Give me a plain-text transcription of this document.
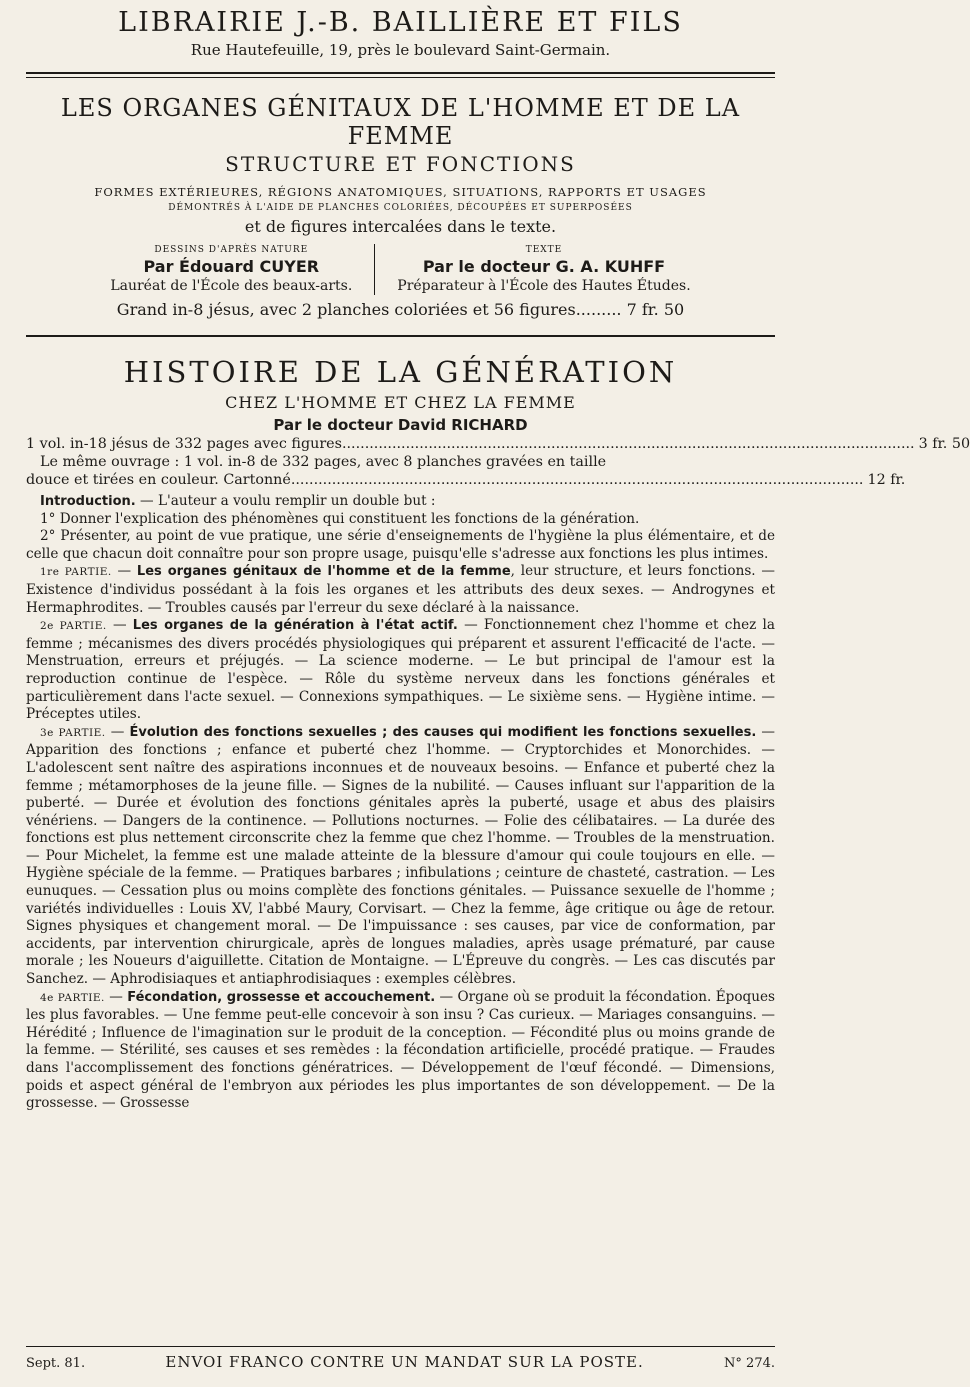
LIBRAIRIE J.-B. BAILLIÈRE ET FILS
Rue Hautefeuille, 19, près le boulevard Saint-Germain.
LES ORGANES GÉNITAUX DE L'HOMME ET DE LA FEMME
STRUCTURE ET FONCTIONS
FORMES EXTÉRIEURES, RÉGIONS ANATOMIQUES, SITUATIONS, RAPPORTS ET USAGES
DÉMONTRÉS À L'AIDE DE PLANCHES COLORIÉES, DÉCOUPÉES ET SUPERPOSÉES
et de figures intercalées dans le texte.
DESSINS D'APRÈS NATURE
Par Édouard CUYER
Lauréat de l'École des beaux-arts.
TEXTE
Par le docteur G. A. KUHFF
Préparateur à l'École des Hautes Études.
Grand in-8 jésus, avec 2 planches coloriées et 56 figures......... 7 fr. 50
HISTOIRE DE LA GÉNÉRATION
CHEZ L'HOMME ET CHEZ LA FEMME
Par le docteur David RICHARD
1 vol. in-18 jésus de 332 pages avec figures .............................................................................................................................. 3 fr. 50
Le même ouvrage : 1 vol. in-8 de 332 pages, avec 8 planches gravées en taille
douce et tirées en couleur. Cartonné .............................................................................................................................. 12 fr.

Introduction. — L'auteur a voulu remplir un double but :

1° Donner l'explication des phénomènes qui constituent les fonctions de la génération.

2° Présenter, au point de vue pratique, une série d'enseignements de l'hygiène la plus élémentaire, et de celle que chacun doit connaître pour son propre usage, puisqu'elle s'adresse aux fonctions les plus intimes.

1re PARTIE. — Les organes génitaux de l'homme et de la femme, leur structure, et leurs fonctions. — Existence d'individus possédant à la fois les organes et les attributs des deux sexes. — Androgynes et Hermaphrodites. — Troubles causés par l'erreur du sexe déclaré à la naissance.

2e PARTIE. — Les organes de la génération à l'état actif. — Fonctionnement chez l'homme et chez la femme ; mécanismes des divers procédés physiologiques qui préparent et assurent l'efficacité de l'acte. — Menstruation, erreurs et préjugés. — La science moderne. — Le but principal de l'amour est la reproduction continue de l'espèce. — Rôle du système nerveux dans les fonctions générales et particulièrement dans l'acte sexuel. — Connexions sympathiques. — Le sixième sens. — Hygiène intime. — Préceptes utiles.

3e PARTIE. — Évolution des fonctions sexuelles ; des causes qui modifient les fonctions sexuelles. — Apparition des fonctions ; enfance et puberté chez l'homme. — Cryptorchides et Monorchides. — L'adolescent sent naître des aspirations inconnues et de nouveaux besoins. — Enfance et puberté chez la femme ; métamorphoses de la jeune fille. — Signes de la nubilité. — Causes influant sur l'apparition de la puberté. — Durée et évolution des fonctions génitales après la puberté, usage et abus des plaisirs vénériens. — Dangers de la continence. — Pollutions nocturnes. — Folie des célibataires. — La durée des fonctions est plus nettement circonscrite chez la femme que chez l'homme. — Troubles de la menstruation. — Pour Michelet, la femme est une malade atteinte de la blessure d'amour qui coule toujours en elle. — Hygiène spéciale de la femme. — Pratiques barbares ; infibulations ; ceinture de chasteté, castration. — Les eunuques. — Cessation plus ou moins complète des fonctions génitales. — Puissance sexuelle de l'homme ; variétés individuelles : Louis XV, l'abbé Maury, Corvisart. — Chez la femme, âge critique ou âge de retour. Signes physiques et changement moral. — De l'impuissance : ses causes, par vice de conformation, par accidents, par intervention chirurgicale, après de longues maladies, après usage prématuré, par cause morale ; les Noueurs d'aiguillette. Citation de Montaigne. — L'Épreuve du congrès. — Les cas discutés par Sanchez. — Aphrodisiaques et antiaphrodisiaques : exemples célèbres.

4e PARTIE. — Fécondation, grossesse et accouchement. — Organe où se produit la fécondation. Époques les plus favorables. — Une femme peut-elle concevoir à son insu ? Cas curieux. — Mariages consanguins. — Hérédité ; Influence de l'imagination sur le produit de la conception. — Fécondité plus ou moins grande de la femme. — Stérilité, ses causes et ses remèdes : la fécondation artificielle, procédé pratique. — Fraudes dans l'accomplissement des fonctions génératrices. — Développement de l'œuf fécondé. — Dimensions, poids et aspect général de l'embryon aux périodes les plus importantes de son développement. — De la grossesse. — Grossesse

Sept. 81.	ENVOI FRANCO CONTRE UN MANDAT SUR LA POSTE.	N° 274.
